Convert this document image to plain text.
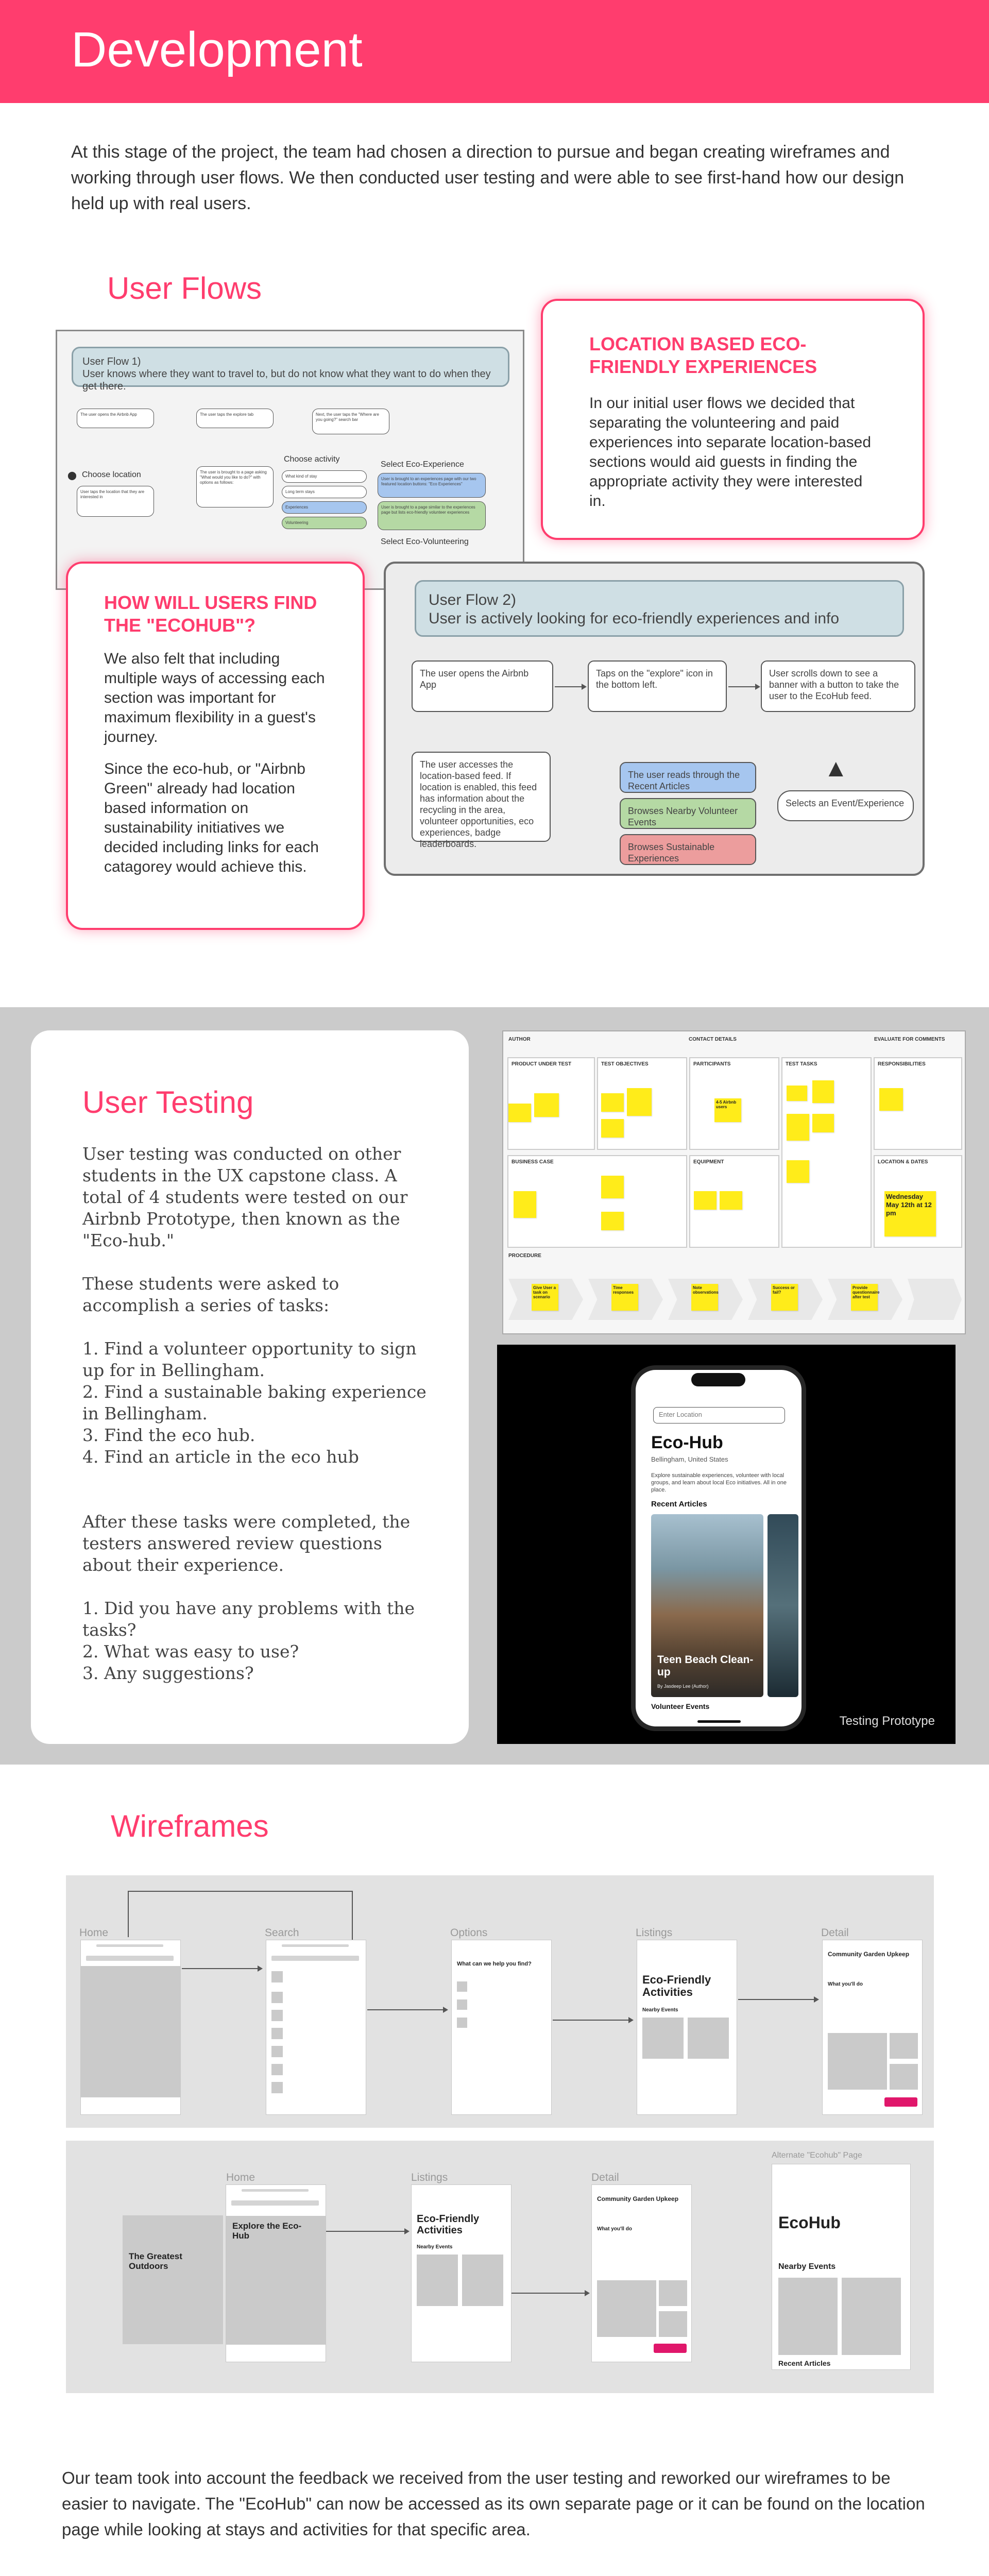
Development

At this stage of the project, the team had chosen a direction to pursue and began creating wireframes and working through user flows. We then conducted user testing and were able to see first-hand how our design held up with real users.

User Flows
User Flow 1)
User knows where they want to travel to, but do not know what they want to do when they get there.
The user opens the Airbnb App	The user taps the explore tab	Next, the user taps the "Where are you going?" search bar
The user is brought to a page asking "What would you like to do?" with options as follows:
User taps the location that they are interested in
What kind of stay
Long term stays
Experiences
Volunteering
User is brought to an experiences page with our two featured location buttons: "Eco Experiences"
User is brought to a page similar to the experiences page but lists eco-friendly volunteer experiences
⬤ Choose location
Choose activity
Select Eco-Experience
Select Eco-Volunteering
User Flow 2)
User is actively looking for eco-friendly experiences and info
The user opens the Airbnb App
Taps on the "explore" icon in the bottom left.
User scrolls down to see a banner with a button to take the user to the EcoHub feed.
The user accesses the location-based feed. If location is enabled, this feed has information about the recycling in the area, volunteer opportunities, eco experiences, badge leaderboards.
The user reads through the Recent Articles
Browses Nearby Volunteer Events
Browses Sustainable Experiences
Selects an Event/Experience
▲
LOCATION BASED ECO-FRIENDLY EXPERIENCES

In our initial user flows we decided that separating the volunteering and paid experiences into separate location-based sections would aid guests in finding the appropriate activity they were interested in.

HOW WILL USERS FIND THE "ECOHUB"?

We also felt that including multiple ways of accessing each section was important for maximum flexibility in a guest's journey.

Since the eco-hub, or "Airbnb Green" already had location based information on sustainability initiatives we decided including links for each catagorey would achieve this.

User Testing
User testing was conducted on other students in the UX capstone class. A total of 4 students were tested on our Airbnb Prototype, then known as the "Eco-hub."

These students were asked to accomplish a series of tasks:

1. Find a volunteer opportunity to sign up for in Bellingham.
2. Find a sustainable baking experience in Bellingham.
3. Find the eco hub.
4. Find an article in the eco hub

After these tasks were completed, the testers answered review questions about their experience.

1. Did you have any problems with the tasks?
2. What was easy to use?
3. Any suggestions?
AUTHOR	CONTACT DETAILS	EVALUATE FOR COMMENTS
PRODUCT UNDER TEST	TEST OBJECTIVES	PARTICIPANTS	TEST TASKS	RESPONSIBILITIES
BUSINESS CASE	EQUIPMENT	LOCATION & DATES
4-5 Airbnb users
Wednesday May 12th at 12 pm
PROCEDURE
Give User a task on scenario
Time responses
Note observations
Success or fail?
Provide questionnaire after test
Enter Location
Eco-Hub
Bellingham, United States
Explore sustainable experiences, volunteer with local groups, and learn about local Eco initiatives. All in one place.
Recent Articles
Teen Beach Clean-up
By Jasdeep Lee (Author)
Volunteer Events
Testing Prototype
Wireframes
Home	Search	Options	Listings	Detail
What can we help you find?
Eco-Friendly Activities
Nearby Events
Community Garden Upkeep
What you'll do
Home	Listings	Detail
Alternate "Ecohub" Page
The Greatest Outdoors
Explore the Eco-Hub
Eco-Friendly Activities
Nearby Events
Community Garden Upkeep
What you'll do	EcoHub
Nearby Events
Recent Articles

Our team took into account the feedback we received from the user testing and reworked our wireframes to be easier to navigate. The "EcoHub" can now be accessed as its own separate page or it can be found on the location page while looking at stays and activities for that specific area.
